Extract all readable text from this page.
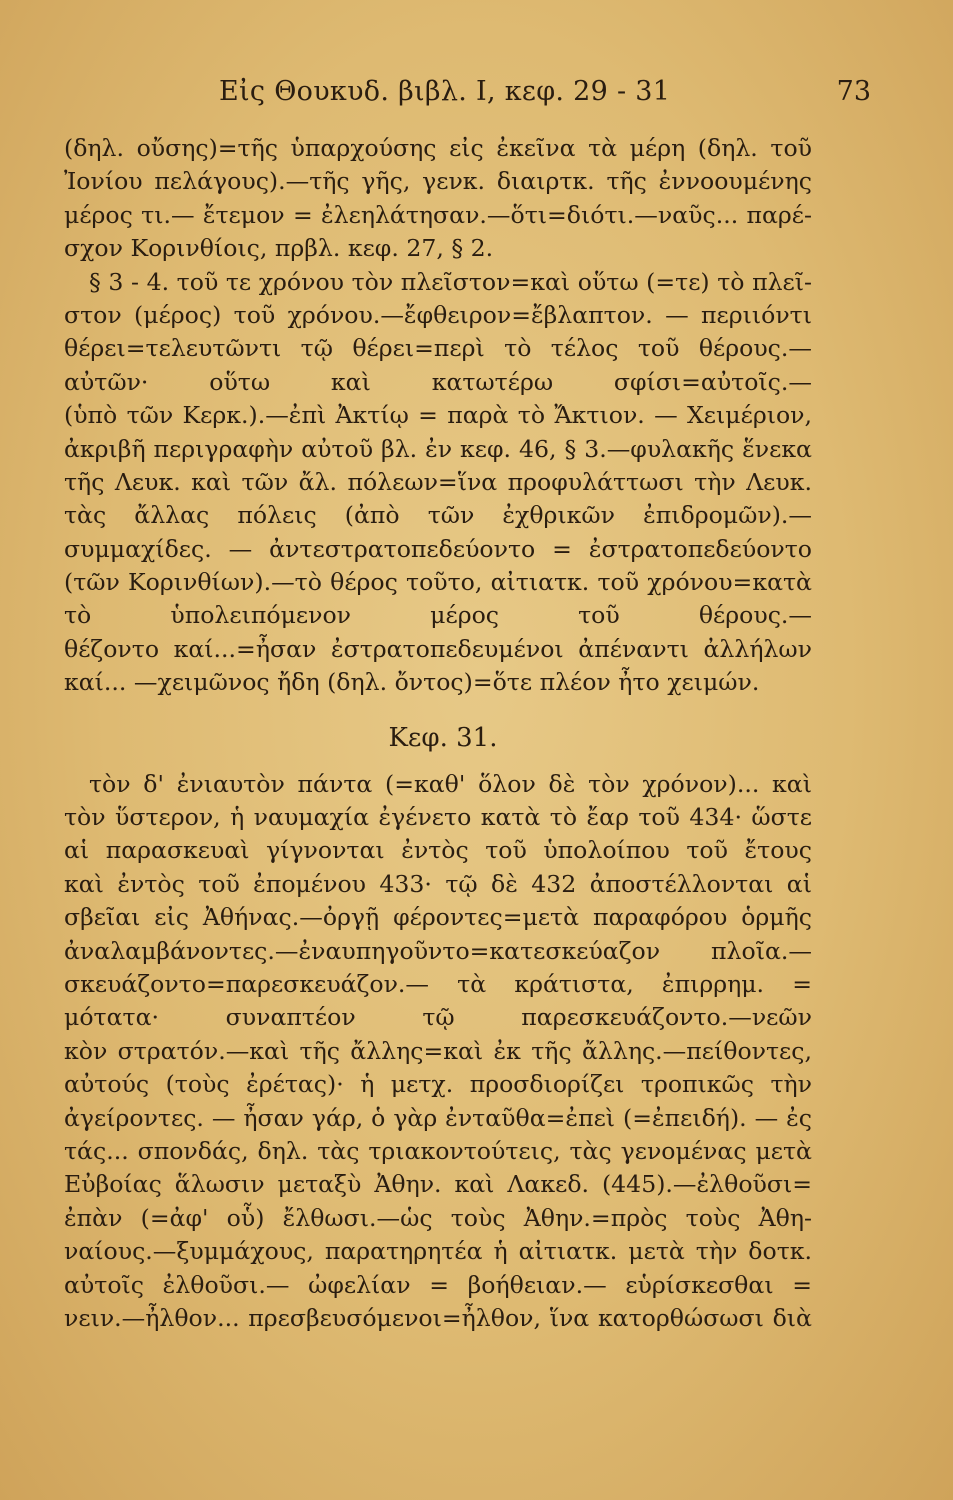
Εἰς Θουκυδ. βιβλ. Ι, κεφ. 29 - 31	73
(δηλ. οὔσης)=τῆς ὑπαρχούσης εἰς ἐκεῖνα τὰ μέρη (δηλ. τοῦ
Ἰονίου πελάγους).—τῆς γῆς, γενκ. διαιρτκ. τῆς ἐννοουμένης
μέρος τι.— ἔτεμον = ἐλεηλάτησαν.—ὅτι=διότι.—ναῦς... παρέ-
σχον Κορινθίοις, πρβλ. κεφ. 27, § 2.
§ 3 - 4. τοῦ τε χρόνου τὸν πλεῖστον=καὶ οὕτω (=τε) τὸ πλεῖ-
στον (μέρος) τοῦ χρόνου.—ἔφθειρον=ἔβλαπτον. — περιιόντι
θέρει=τελευτῶντι τῷ θέρει=περὶ τὸ τέλος τοῦ θέρους.—
αὐτῶν· οὕτω καὶ κατωτέρω σφίσι=αὐτοῖς.—
(ὑπὸ τῶν Κερκ.).—ἐπὶ Ἀκτίῳ = παρὰ τὸ Ἄκτιον. — Χειμέριον,
ἀκριβῆ περιγραφὴν αὐτοῦ βλ. ἐν κεφ. 46, § 3.—φυλακῆς ἕνεκα
τῆς Λευκ. καὶ τῶν ἄλ. πόλεων=ἵνα προφυλάττωσι τὴν Λευκ.
τὰς ἄλλας πόλεις (ἀπὸ τῶν ἐχθρικῶν ἐπιδρομῶν).—
συμμαχίδες. — ἀντεστρατοπεδεύοντο = ἐστρατοπεδεύοντο
(τῶν Κορινθίων).—τὸ θέρος τοῦτο, αἰτιατκ. τοῦ χρόνου=κατὰ
τὸ ὑπολειπόμενον μέρος τοῦ θέρους.—
θέζοντο καί...=ἦσαν ἐστρατοπεδευμένοι ἀπέναντι ἀλλήλων
καί... —χειμῶνος ἤδη (δηλ. ὄντος)=ὅτε πλέον ἦτο χειμών.
Κεφ. 31.
τὸν δ' ἐνιαυτὸν πάντα (=καθ' ὅλον δὲ τὸν χρόνον)... καὶ
τὸν ὕστερον, ἡ ναυμαχία ἐγένετο κατὰ τὸ ἔαρ τοῦ 434· ὥστε
αἱ παρασκευαὶ γίγνονται ἐντὸς τοῦ ὑπολοίπου τοῦ ἔτους
καὶ ἐντὸς τοῦ ἐπομένου 433· τῷ δὲ 432 ἀποστέλλονται αἱ
σβεῖαι εἰς Ἀθήνας.—ὀργῇ φέροντες=μετὰ παραφόρου ὁρμῆς
ἀναλαμβάνοντες.—ἐναυπηγοῦντο=κατεσκεύαζον πλοῖα.—
σκευάζοντο=παρεσκευάζον.— τὰ κράτιστα, ἐπιρρημ. =
μότατα· συναπτέον τῷ παρεσκευάζοντο.—νεῶν
κὸν στρατόν.—καὶ τῆς ἄλλης=καὶ ἐκ τῆς ἄλλης.—πείθοντες,
αὐτούς (τοὺς ἐρέτας)· ἡ μετχ. προσδιορίζει τροπικῶς τὴν
ἀγείροντες. — ἦσαν γάρ, ὁ γὰρ ἐνταῦθα=ἐπεὶ (=ἐπειδή). — ἐς
τάς... σπονδάς, δηλ. τὰς τριακοντούτεις, τὰς γενομένας μετὰ
Εὐβοίας ἅλωσιν μεταξὺ Ἀθην. καὶ Λακεδ. (445).—ἐλθοῦσι=
ἐπὰν (=ἀφ' οὗ) ἔλθωσι.—ὡς τοὺς Ἀθην.=πρὸς τοὺς Ἀθη-
ναίους.—ξυμμάχους, παρατηρητέα ἡ αἰτιατκ. μετὰ τὴν δοτκ.
αὐτοῖς ἐλθοῦσι.— ὠφελίαν = βοήθειαν.— εὑρίσκεσθαι =
νειν.—ἦλθον... πρεσβευσόμενοι=ἦλθον, ἵνα κατορθώσωσι διὰ
